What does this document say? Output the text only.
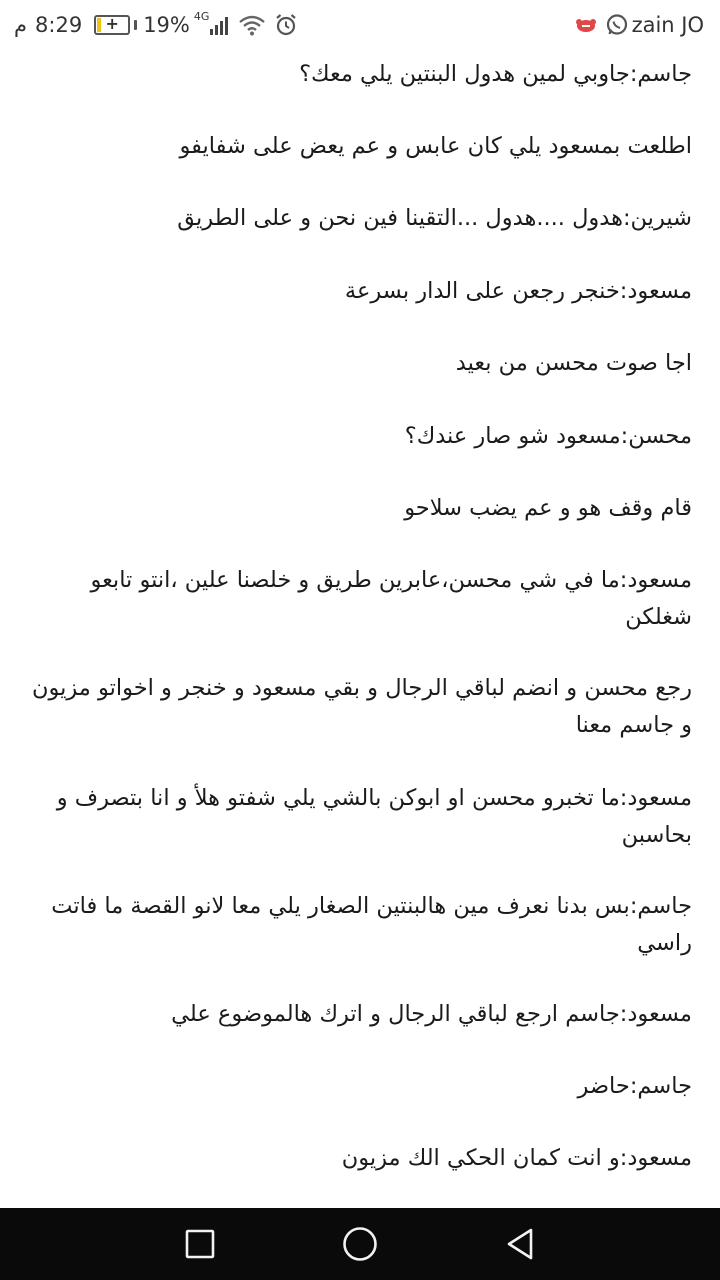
8:29
م	+	19% 4G	zain JO

جاسم:جاوبي لمين هدول البنتين يلي معك؟

اطلعت بمسعود يلي كان عابس و عم يعض على شفايفو

شيرين:هدول ....هدول ...التقينا فين نحن و على الطريق

مسعود:خنجر رجعن على الدار بسرعة

اجا صوت محسن من بعيد

محسن:مسعود شو صار عندك؟

قام وقف هو و عم يضب سلاحو

مسعود:ما في شي محسن،عابرين طريق و خلصنا علين ،انتو تابعو شغلكن

رجع محسن و انضم لباقي الرجال و بقي مسعود و خنجر و اخواتو مزيون و جاسم معنا

مسعود:ما تخبرو محسن او ابوكن بالشي يلي شفتو هلأ و انا بتصرف و بحاسبن

جاسم:بس بدنا نعرف مين هالبنتين الصغار يلي معا لانو القصة ما فاتت راسي

مسعود:جاسم ارجع لباقي الرجال و اترك هالموضوع علي

جاسم:حاضر

مسعود:و انت كمان الحكي الك مزيون
